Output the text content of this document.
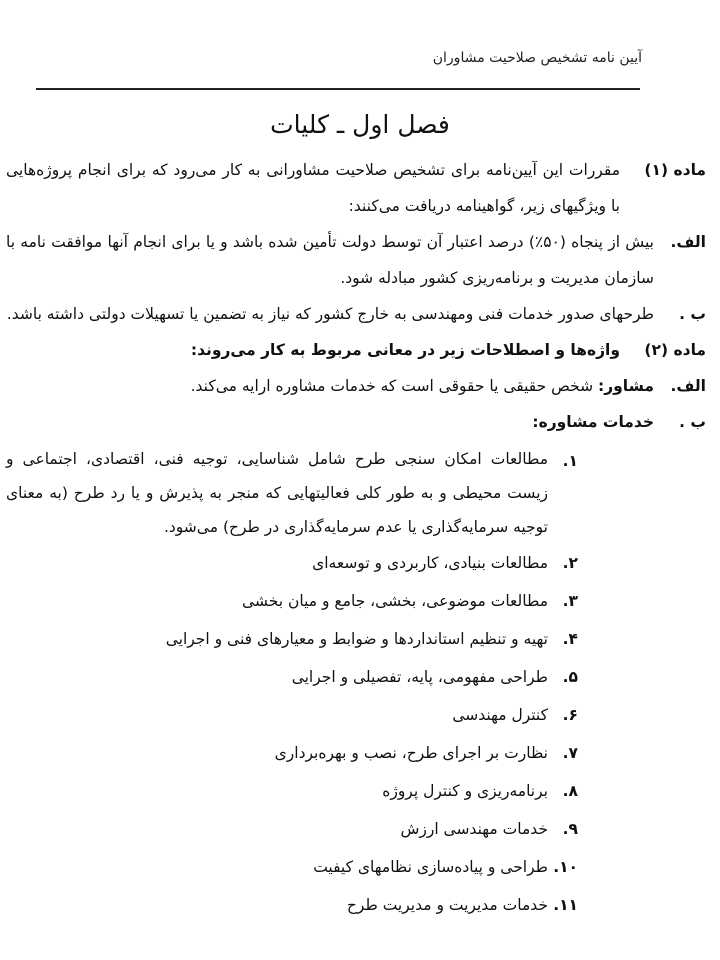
آیین نامه تشخیص صلاحیت مشاوران
فصل اول ـ کلیات
ماده (۱)
مقررات این آیین‌نامه برای تشخیص صلاحیت مشاورانی به کار می‌رود که برای انجام پروژه‌هایی با ویژگیهای زیر، گواهینامه دریافت می‌کنند:
الف.
بیش از پنجاه (۵۰٪) درصد اعتبار آن توسط دولت تأمین شده باشد و یا برای انجام آنها موافقت نامه با سازمان مدیریت و برنامه‌ریزی کشور مبادله شود.
ب .
طرحهای صدور خدمات فنی ومهندسی به خارج کشور که نیاز به تضمین یا تسهیلات دولتی داشته باشد.
ماده (۲)
واژه‌ها و اصطلاحات زیر در معانی مربوط به کار می‌روند:
الف.
مشاور: شخص حقیقی یا حقوقی است که خدمات مشاوره ارایه می‌کند.
ب .
خدمات مشاوره:
۱.
مطالعات امکان سنجی طرح شامل شناسایی، توجیه فنی، اقتصادی، اجتماعی و زیست محیطی و به طور کلی فعالیتهایی که منجر به پذیرش و یا رد طرح (به معنای توجیه سرمایه‌گذاری یا عدم سرمایه‌گذاری در طرح) می‌شود.
۲.
مطالعات بنیادی، کاربردی و توسعه‌ای
۳.
مطالعات موضوعی، بخشی، جامع و میان بخشی
۴.
تهیه و تنظیم استانداردها و ضوابط و معیارهای فنی و اجرایی
۵.
طراحی مفهومی، پایه، تفصیلی و اجرایی
۶.
کنترل مهندسی
۷.
نظارت بر اجرای طرح، نصب و بهره‌برداری
۸.
برنامه‌ریزی و کنترل پروژه
۹.
خدمات مهندسی ارزش
۱۰.
طراحی و پیاده‌سازی نظامهای کیفیت
۱۱.
خدمات مدیریت و مدیریت طرح
